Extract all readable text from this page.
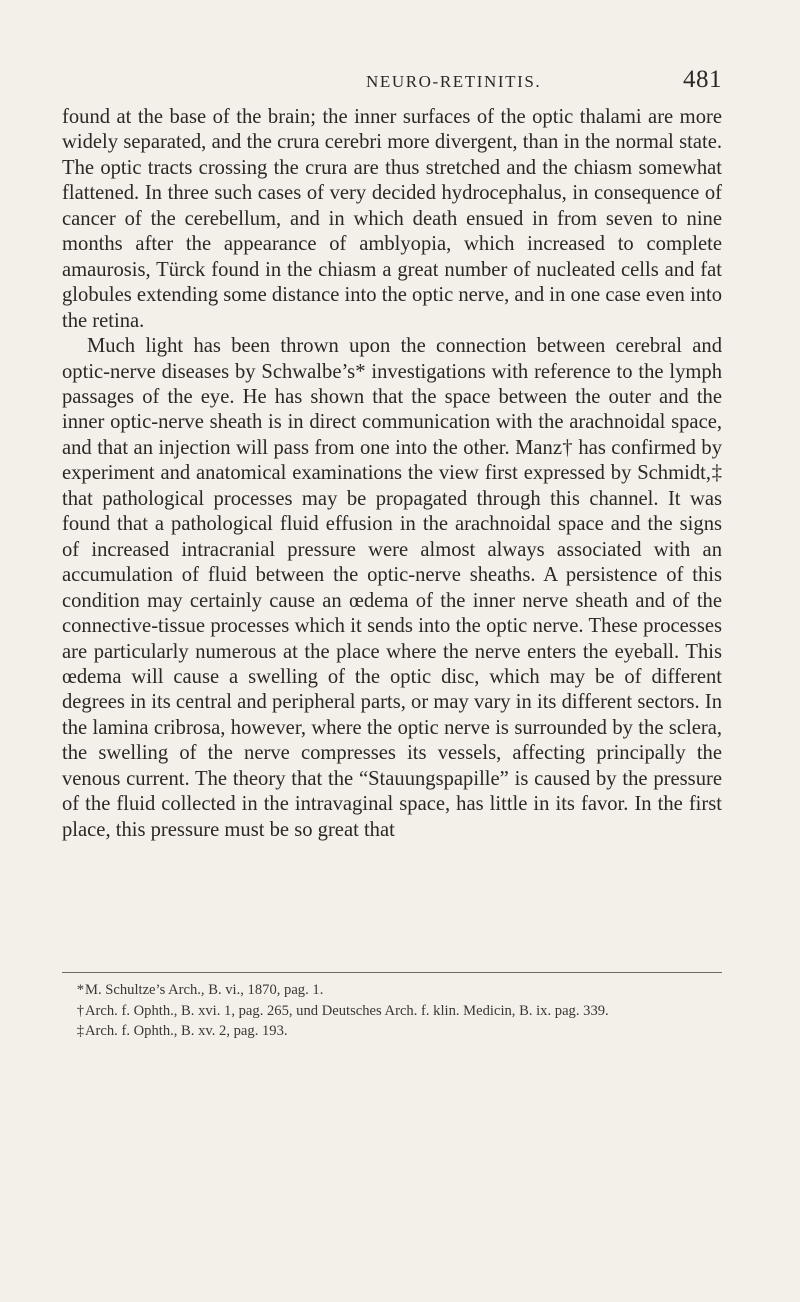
NEURO-RETINITIS.	481

found at the base of the brain; the inner surfaces of the optic thalami are more widely separated, and the crura cerebri more divergent, than in the normal state. The optic tracts crossing the crura are thus stretched and the chiasm somewhat flattened. In three such cases of very decided hydrocephalus, in consequence of cancer of the cerebellum, and in which death ensued in from seven to nine months after the appearance of amblyopia, which increased to complete amaurosis, Türck found in the chiasm a great number of nucleated cells and fat globules extending some distance into the optic nerve, and in one case even into the retina.

Much light has been thrown upon the connection between cerebral and optic-nerve diseases by Schwalbe’s* investigations with reference to the lymph passages of the eye. He has shown that the space between the outer and the inner optic-nerve sheath is in direct communication with the arachnoidal space, and that an injection will pass from one into the other. Manz† has confirmed by experiment and anatomical examinations the view first expressed by Schmidt,‡ that pathological processes may be propagated through this channel. It was found that a pathological fluid effusion in the arachnoidal space and the signs of increased intracranial pressure were almost always associated with an accumulation of fluid between the optic-nerve sheaths. A persistence of this condition may certainly cause an œdema of the inner nerve sheath and of the connective-tissue processes which it sends into the optic nerve. These processes are particularly numerous at the place where the nerve enters the eyeball. This œdema will cause a swelling of the optic disc, which may be of different degrees in its central and peripheral parts, or may vary in its different sectors. In the lamina cribrosa, however, where the optic nerve is surrounded by the sclera, the swelling of the nerve compresses its vessels, affecting principally the venous current. The theory that the “Stauungspapille” is caused by the pressure of the fluid collected in the intravaginal space, has little in its favor. In the first place, this pressure must be so great that

*M. Schultze’s Arch., B. vi., 1870, pag. 1.

†Arch. f. Ophth., B. xvi. 1, pag. 265, und Deutsches Arch. f. klin. Medicin, B. ix. pag. 339.

‡Arch. f. Ophth., B. xv. 2, pag. 193.
